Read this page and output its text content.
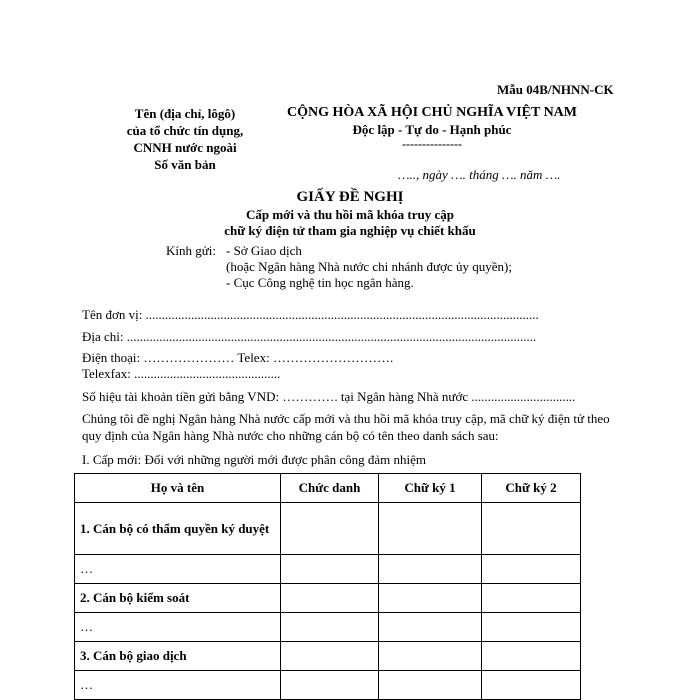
Mẫu 04B/NHNN-CK
Tên (địa chỉ, lôgô)
của tổ chức tín dụng,
CNNH nước ngoài
Số văn bản
CỘNG HÒA XÃ HỘI CHỦ NGHĨA VIỆT NAM
Độc lập - Tự do - Hạnh phúc
---------------
….., ngày …. tháng …. năm ….
GIẤY ĐỀ NGHỊ
Cấp mới và thu hồi mã khóa truy cập
chữ ký điện tử tham gia nghiệp vụ chiết khấu
Kính gửi: - Sở Giao dịch
(hoặc Ngân hàng Nhà nước chi nhánh được ủy quyền);
- Cục Công nghệ tin học ngân hàng.
Tên đơn vị: .........................................................................................................................
Địa chỉ: ..............................................................................................................................
Điện thoại: ………………… Telex: ……………………….
Telexfax: .............................................
Số hiệu tài khoản tiền gửi bằng VND: …………. tại Ngân hàng Nhà nước ................................
Chúng tôi đề nghị Ngân hàng Nhà nước cấp mới và thu hồi mã khóa truy cập, mã chữ ký điện tử theo quy định của Ngân hàng Nhà nước cho những cán bộ có tên theo danh sách sau:
I. Cấp mới: Đối với những người mới được phân công đảm nhiệm
Họ và tên	Chức danh	Chữ ký 1	Chữ ký 2
1. Cán bộ có thẩm quyền ký duyệt			
…			
2. Cán bộ kiểm soát			
…			
3. Cán bộ giao dịch			
…			
